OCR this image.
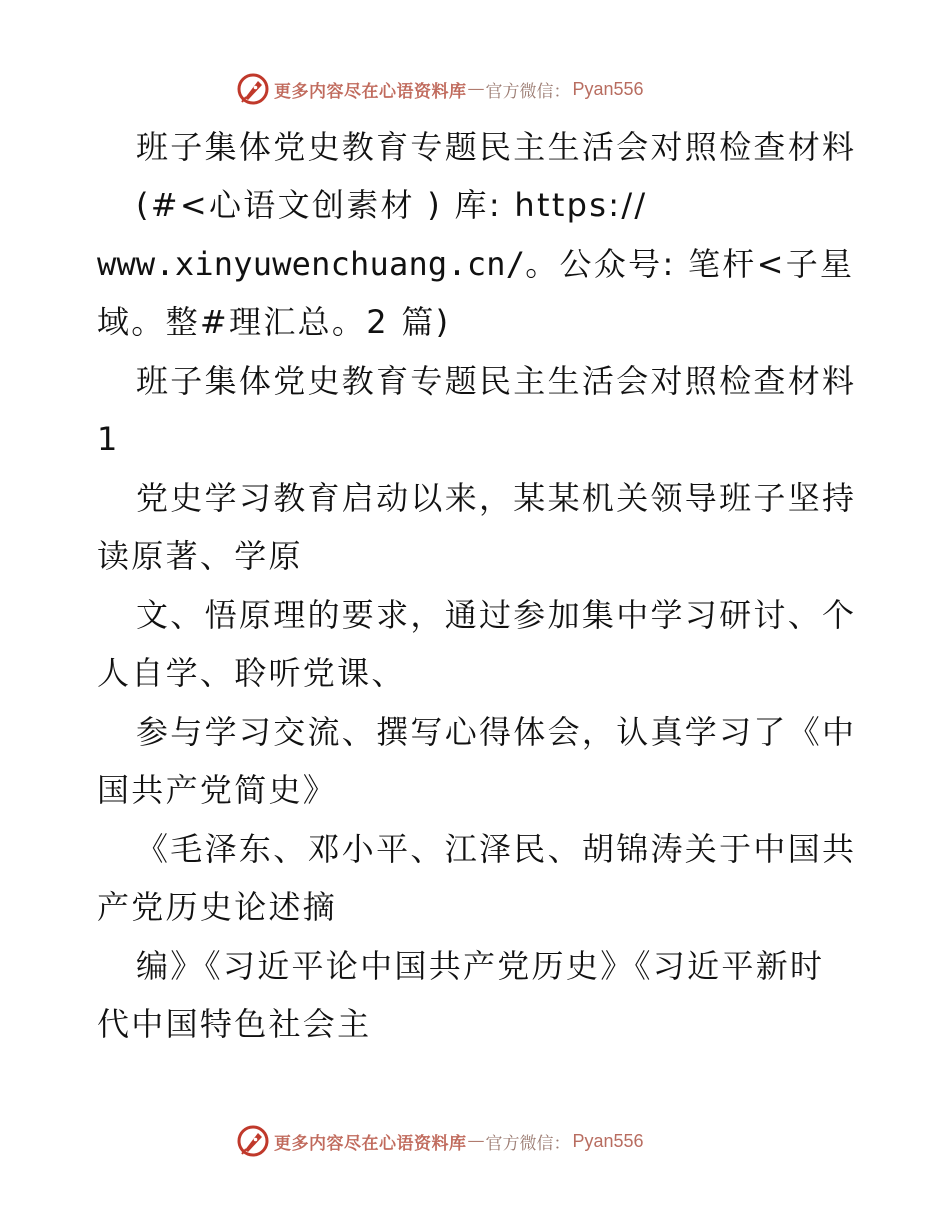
更多内容尽在心语资料库 — 官方微信： Pyan556
班子集体党史教育专题民主生活会对照检查材料
(#<心语文创素材 ) 库: https://
www.xinyuwenchuang.cn/。公众号: 笔杆<子星
域。整#理汇总。2 篇)
班子集体党史教育专题民主生活会对照检查材料
1
党史学习教育启动以来，某某机关领导班子坚持
读原著、学原
文、悟原理的要求，通过参加集中学习研讨、个
人自学、聆听党课、
参与学习交流、撰写心得体会，认真学习了《中
国共产党简史》
《毛泽东、邓小平、江泽民、胡锦涛关于中国共
产党历史论述摘
编》《习近平论中国共产党历史》《习近平新时
代中国特色社会主
更多内容尽在心语资料库 — 官方微信： Pyan556
